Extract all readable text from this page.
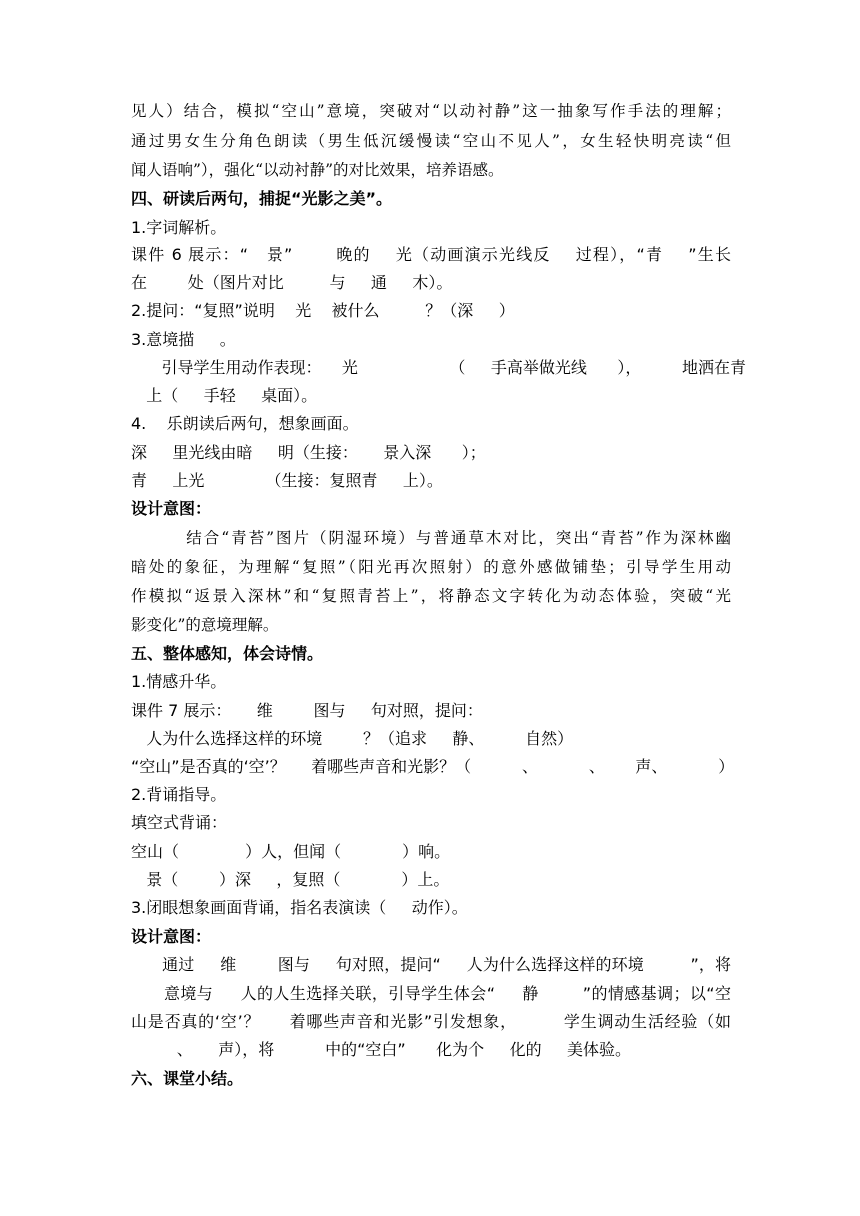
见人）结合，模拟“空山”意境，突破对“以动衬静”这一抽象写作手法的理解；
通过男女生分角色朗读（男生低沉缓慢读“空山不见人”，女生轻快明亮读“但
闻人语响”），强化“以动衬静”的对比效果，培养语感。
四、研读后两句，捕捉“光影之美”。
1.字词解析。
课件 6 展示：“   景”       晚的    光（动画演示光线反    过程），“青    ”生长
在        处（图片对比         与     通     木）。
2.提问：“复照”说明    光    被什么         ？（深     ）
3.意境描     。
引导学生用动作表现：    光                  （     手高举做光线      ），        地洒在青
上（     手轻     桌面）。
4.    乐朗读后两句，想象画面。
深     里光线由暗     明（生接：     景入深      ）；
青     上光            （生接：复照青     上）。
设计意图：
结合“青苔”图片（阴湿环境）与普通草木对比，突出“青苔”作为深林幽
暗处的象征，为理解“复照”（阳光再次照射）的意外感做铺垫；引导学生用动
作模拟“返景入深林”和“复照青苔上”，将静态文字转化为动态体验，突破“光
影变化”的意境理解。
五、整体感知，体会诗情。
1.情感升华。
课件 7 展示：     维        图与     句对照，提问：
人为什么选择这样的环境        ？（追求     静、        自然）
“空山”是否真的‘空’？     着哪些声音和光影？（          、          、      声、          ）
2.背诵指导。
填空式背诵：
空山（             ）人，但闻（            ）响。
景（        ）深     ，复照（            ）上。
3.闭眼想象画面背诵，指名表演读（     动作）。
设计意图：
通过     维        图与     句对照，提问“     人为什么选择这样的环境         ”，将
意境与     人的人生选择关联，引导学生体会“     静        ”的情感基调；以“空
山是否真的‘空’？     着哪些声音和光影”引发想象，        学生调动生活经验（如
、     声），将          中的“空白”      化为个     化的     美体验。
六、课堂小结。
